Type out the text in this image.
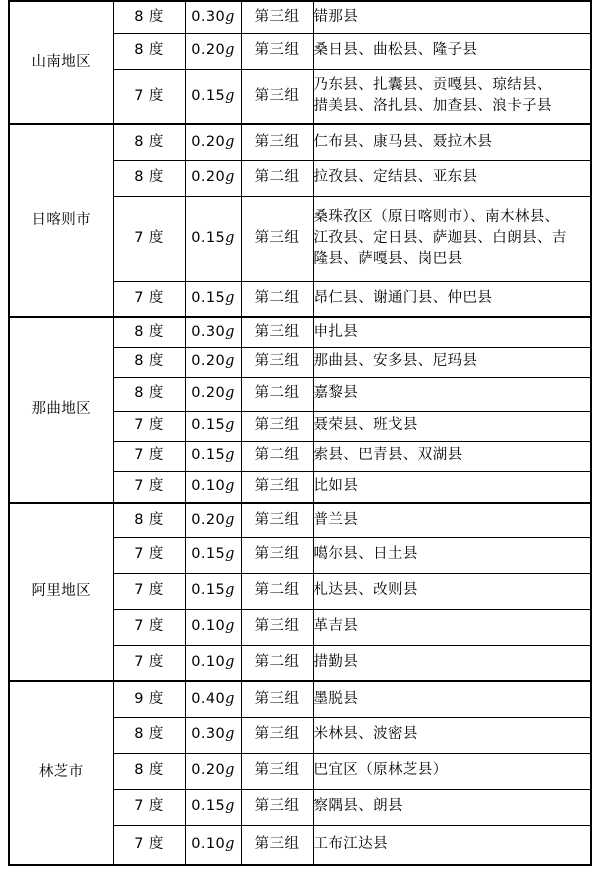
山南地区	8 度	0.30g	第三组	错那县

	8 度	0.20g	第三组	桑日县、曲松县、隆子县

	7 度	0.15g	第三组	乃东县、扎囊县、贡嘎县、琼结县、
措美县、洛扎县、加查县、浪卡子县

日喀则市	8 度	0.20g	第三组	仁布县、康马县、聂拉木县

	8 度	0.20g	第二组	拉孜县、定结县、亚东县

	7 度	0.15g	第三组	桑珠孜区（原日喀则市）、南木林县、
江孜县、定日县、萨迦县、白朗县、吉
隆县、萨嘎县、岗巴县

	7 度	0.15g	第二组	昂仁县、谢通门县、仲巴县

那曲地区	8 度	0.30g	第三组	申扎县

	8 度	0.20g	第三组	那曲县、安多县、尼玛县

	8 度	0.20g	第二组	嘉黎县

	7 度	0.15g	第三组	聂荣县、班戈县

	7 度	0.15g	第二组	索县、巴青县、双湖县

	7 度	0.10g	第三组	比如县

阿里地区	8 度	0.20g	第三组	普兰县

	7 度	0.15g	第三组	噶尔县、日土县

	7 度	0.15g	第二组	札达县、改则县

	7 度	0.10g	第三组	革吉县

	7 度	0.10g	第二组	措勤县

林芝市	9 度	0.40g	第三组	墨脱县

	8 度	0.30g	第三组	米林县、波密县

	8 度	0.20g	第三组	巴宜区（原林芝县）

	7 度	0.15g	第三组	察隅县、朗县

	7 度	0.10g	第三组	工布江达县
